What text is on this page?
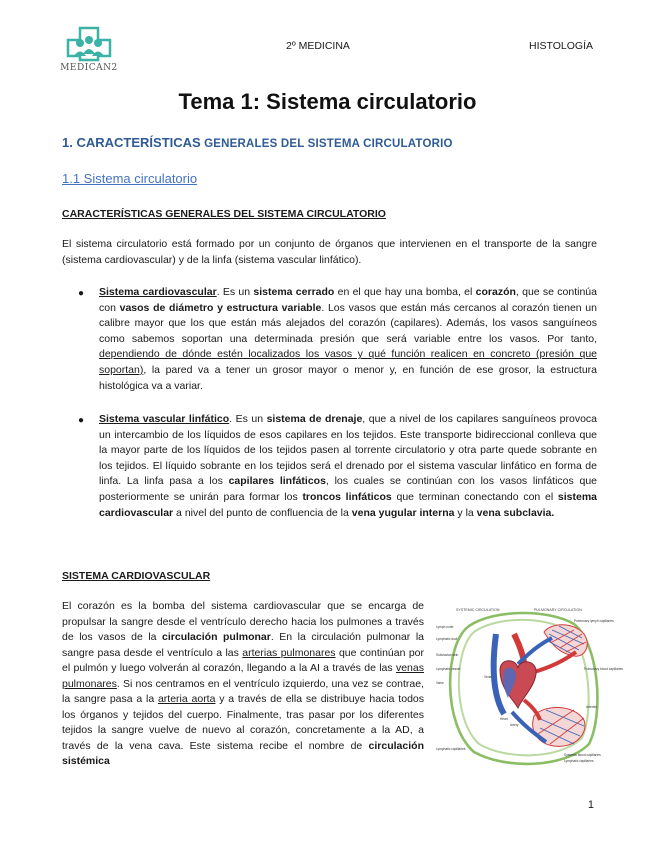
MEDICAN2
2º MEDICINA	HISTOLOGÍA
Tema 1: Sistema circulatorio
1. CARACTERÍSTICAS GENERALES DEL SISTEMA CIRCULATORIO
1.1 Sistema circulatorio
CARACTERÍSTICAS GENERALES DEL SISTEMA CIRCULATORIO
El sistema circulatorio está formado por un conjunto de órganos que intervienen en el transporte de la sangre (sistema cardiovascular) y de la linfa (sistema vascular linfático).
● Sistema cardiovascular. Es un sistema cerrado en el que hay una bomba, el corazón, que se continúa con vasos de diámetro y estructura variable. Los vasos que están más cercanos al corazón tienen un calibre mayor que los que están más alejados del corazón (capilares). Además, los vasos sanguíneos como sabemos soportan una determinada presión que será variable entre los vasos. Por tanto, dependiendo de dónde estén localizados los vasos y qué función realicen en concreto (presión que soportan), la pared va a tener un grosor mayor o menor y, en función de ese grosor, la estructura histológica va a variar.
● Sistema vascular linfático. Es un sistema de drenaje, que a nivel de los capilares sanguíneos provoca un intercambio de los líquidos de esos capilares en los tejidos. Este transporte bidireccional conlleva que la mayor parte de los líquidos de los tejidos pasen al torrente circulatorio y otra parte quede sobrante en los tejidos. El líquido sobrante en los tejidos será el drenado por el sistema vascular linfático en forma de linfa. La linfa pasa a los capilares linfáticos, los cuales se continúan con los vasos linfáticos que posteriormente se unirán para formar los troncos linfáticos que terminan conectando con el sistema cardiovascular a nivel del punto de confluencia de la vena yugular interna y la vena subclavia.
SISTEMA CARDIOVASCULAR
El corazón es la bomba del sistema cardiovascular que se encarga de propulsar la sangre desde el ventrículo derecho hacia los pulmones a través de los vasos de la circulación pulmonar. En la circulación pulmonar la sangre pasa desde el ventrículo a las arterias pulmonares que continúan por el pulmón y luego volverán al corazón, llegando a la AI a través de las venas pulmonares. Si nos centramos en el ventrículo izquierdo, una vez se contrae, la sangre pasa a la arteria aorta y a través de ella se distribuye hacia todos los órganos y tejidos del cuerpo. Finalmente, tras pasar por los diferentes tejidos la sangre vuelve de nuevo al corazón, concretamente a la AD, a través de la vena cava. Este sistema recibe el nombre de circulación sistémica
SYSTEMIC CIRCULATION	PULMONARY CIRCULATION
Lymph node
Lymphatic duct
Subclavian vein
Lymphatic vessel
Valve
Vena
Heart
Artery
Lymphatic capillaries
Pulmonary lymph capillaries
Pulmonary blood capillaries
Arteries
Systemic blood capillaries
Lymphatic capillaries
1
